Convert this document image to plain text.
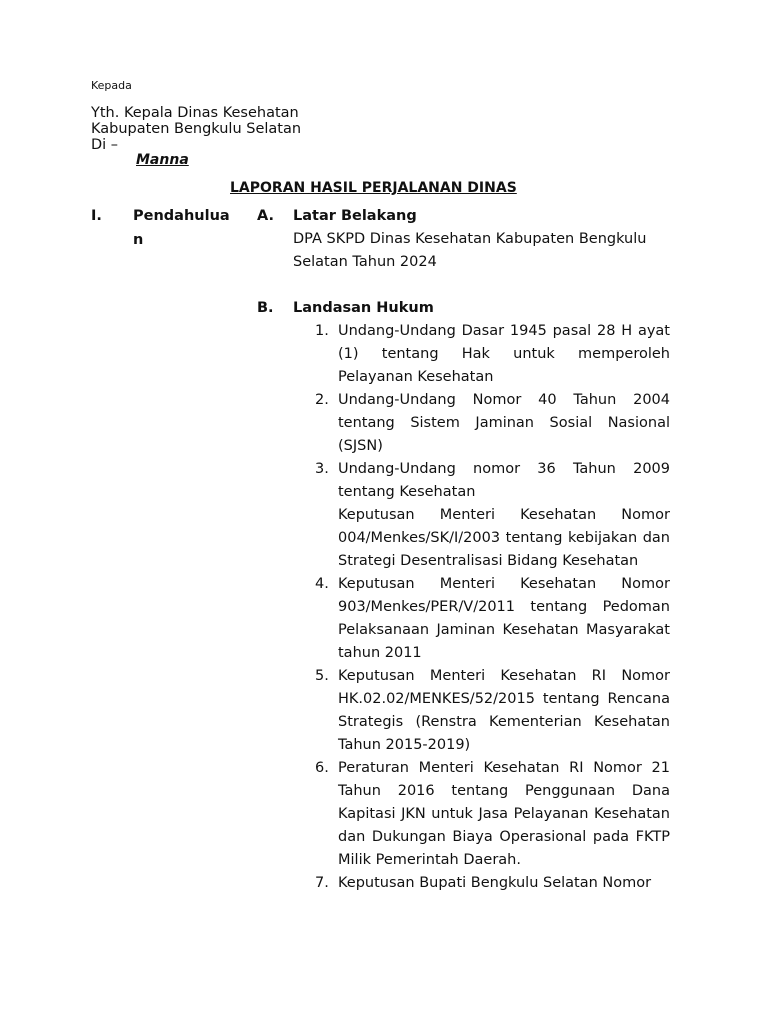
Kepada
Yth. Kepala Dinas Kesehatan
Kabupaten Bengkulu Selatan
Di –
Manna
LAPORAN HASIL PERJALANAN DINAS
I. Pendahulua
n
A. Latar Belakang
DPA SKPD Dinas Kesehatan Kabupaten Bengkulu Selatan Tahun 2024
B. Landasan Hukum
1. Undang-Undang Dasar 1945 pasal 28 H ayat (1) tentang Hak untuk memperoleh Pelayanan Kesehatan
2. Undang-Undang Nomor 40 Tahun 2004 tentang Sistem Jaminan Sosial Nasional (SJSN)
3. Undang-Undang nomor 36 Tahun 2009 tentang Kesehatan
Keputusan Menteri Kesehatan Nomor 004/Menkes/SK/I/2003 tentang kebijakan dan Strategi Desentralisasi Bidang Kesehatan
4. Keputusan Menteri Kesehatan Nomor 903/Menkes/PER/V/2011 tentang Pedoman Pelaksanaan Jaminan Kesehatan Masyarakat tahun 2011
5. Keputusan Menteri Kesehatan RI Nomor HK.02.02/MENKES/52/2015 tentang Rencana Strategis (Renstra Kementerian Kesehatan Tahun 2015-2019)
6. Peraturan Menteri Kesehatan RI Nomor 21 Tahun 2016 tentang Penggunaan Dana Kapitasi JKN untuk Jasa Pelayanan Kesehatan dan Dukungan Biaya Operasional pada FKTP Milik Pemerintah Daerah.
7. Keputusan Bupati Bengkulu Selatan Nomor
